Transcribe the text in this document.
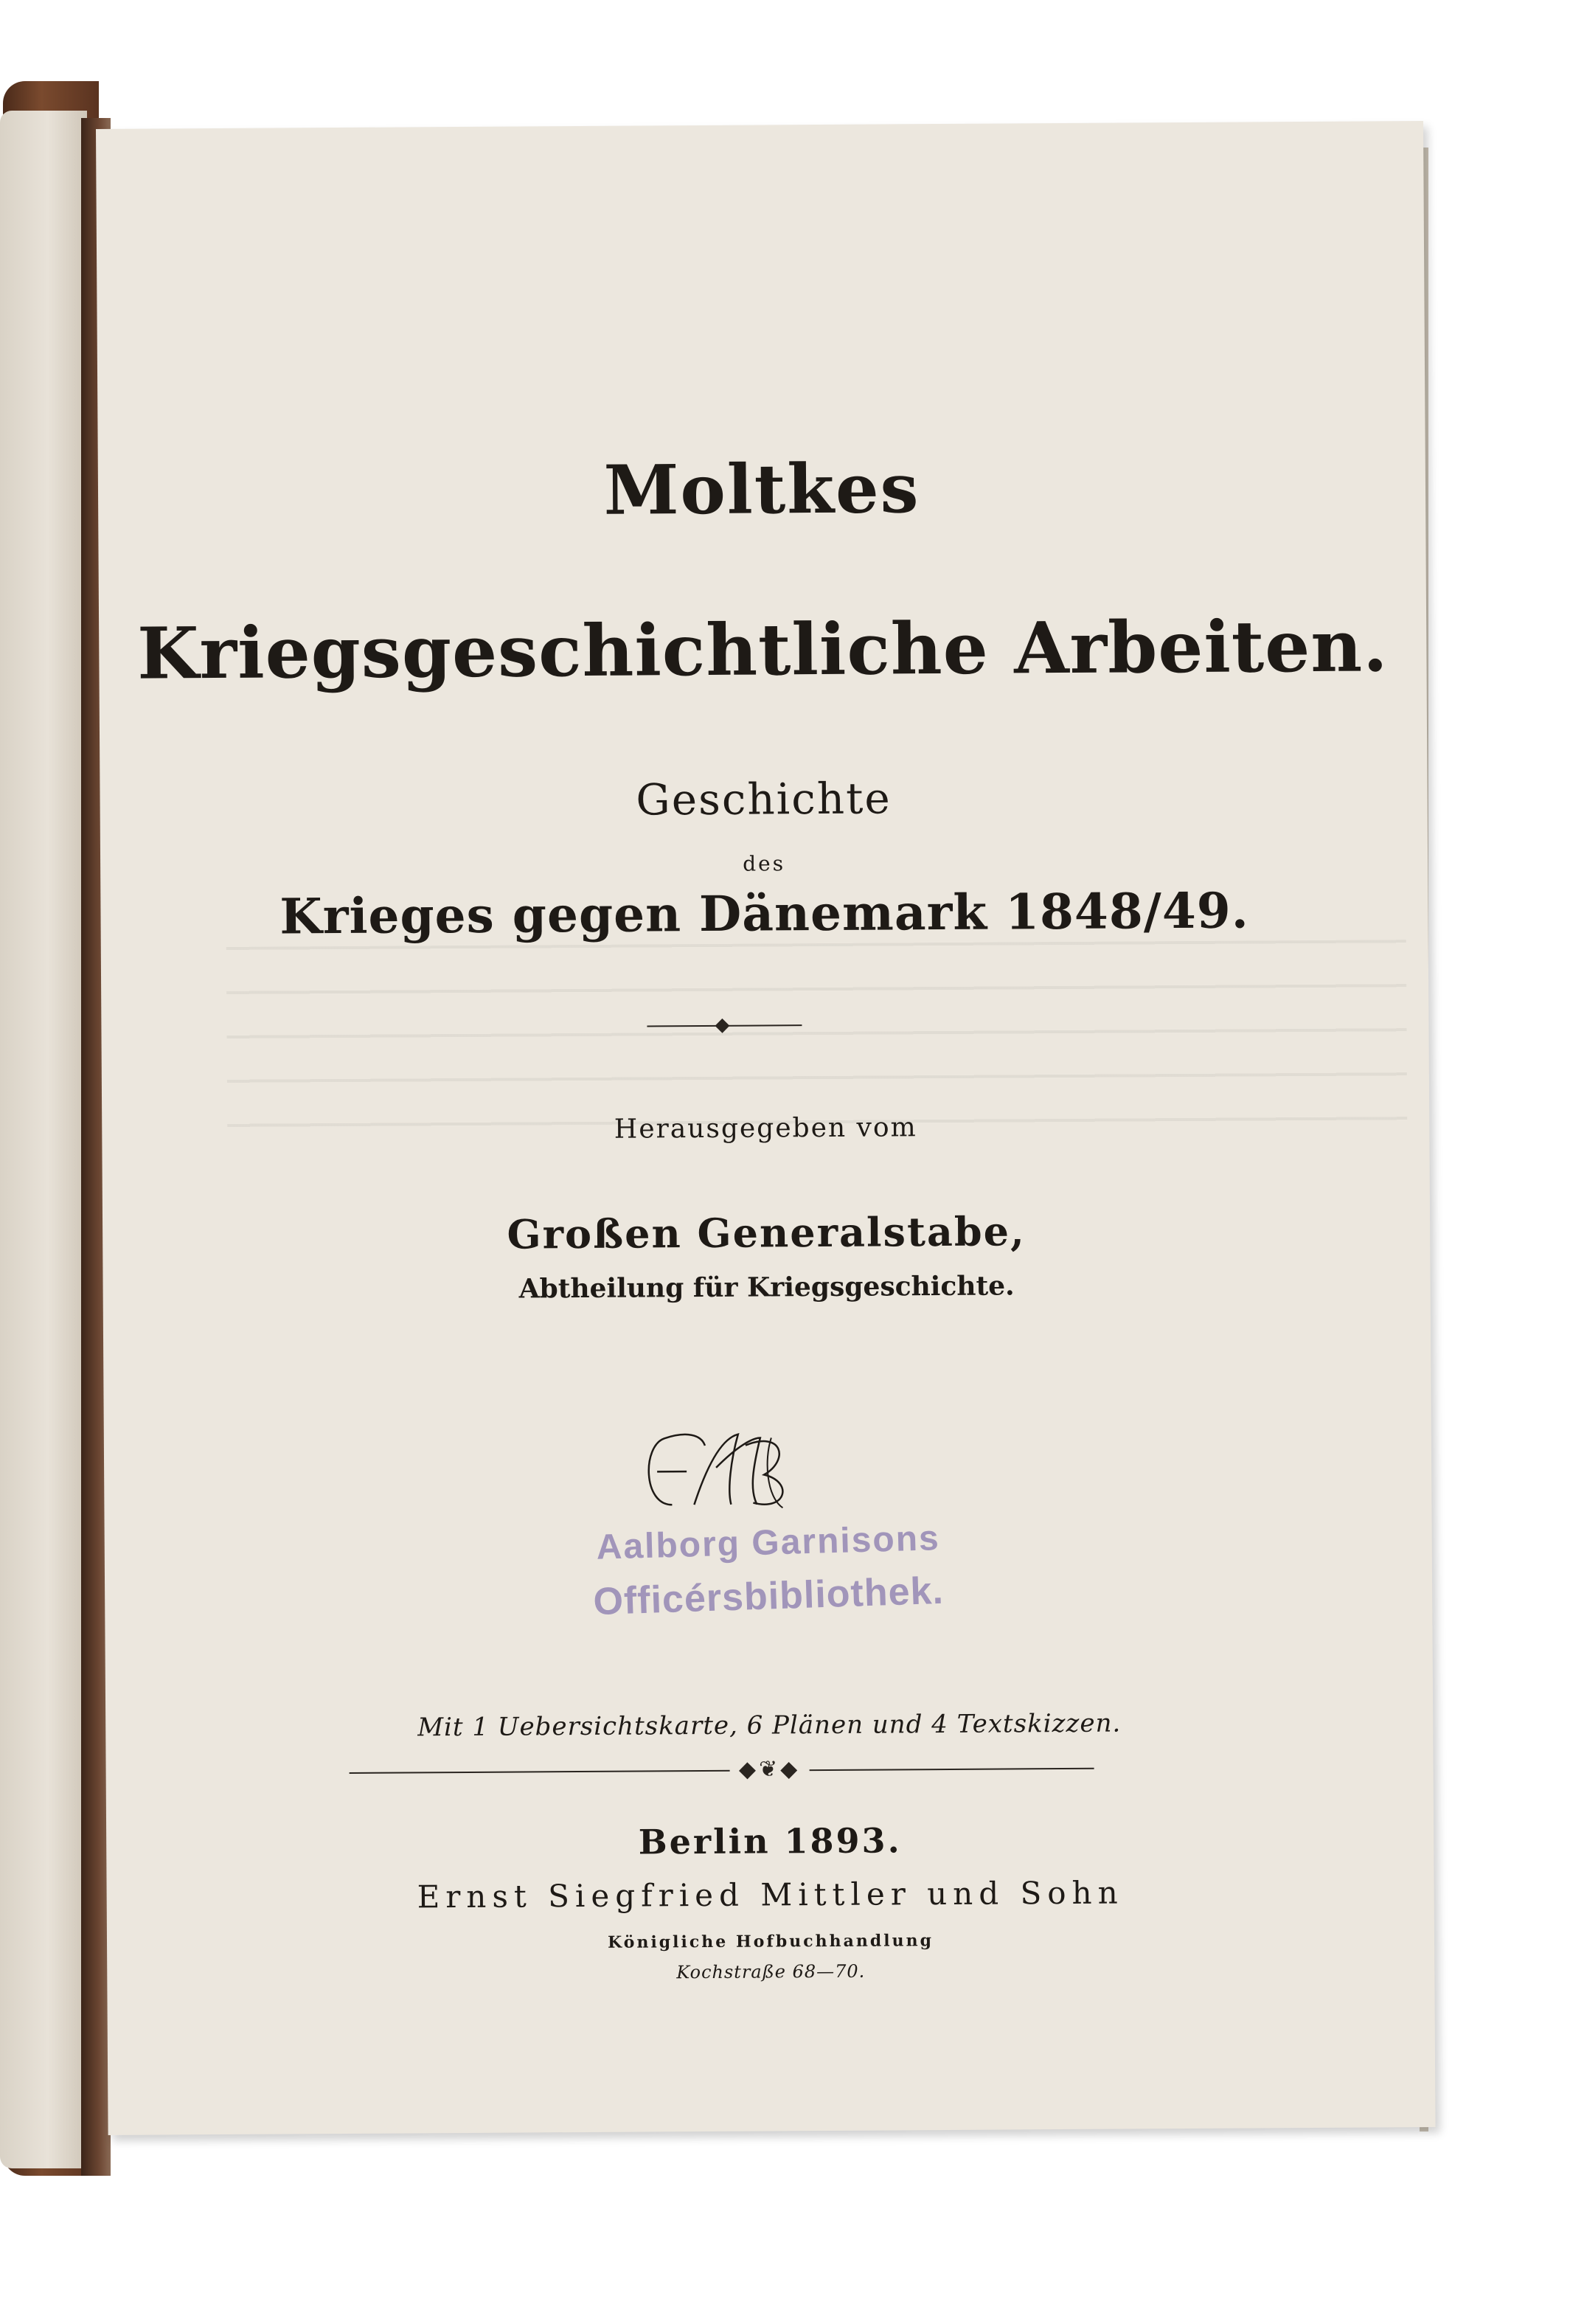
Moltkes
Kriegsgeschichtliche Arbeiten.
Geschichte
des
Krieges gegen Dänemark 1848/49.
Herausgegeben vom
Großen Generalstabe,
Abtheilung für Kriegsgeschichte.
Aalborg Garnisons
Officérsbibliothek.
Mit 1 Uebersichtskarte, 6 Plänen und 4 Textskizzen.
◆❦◆
Berlin 1893.
Ernst Siegfried Mittler und Sohn
Königliche Hofbuchhandlung
Kochstraße 68—70.
